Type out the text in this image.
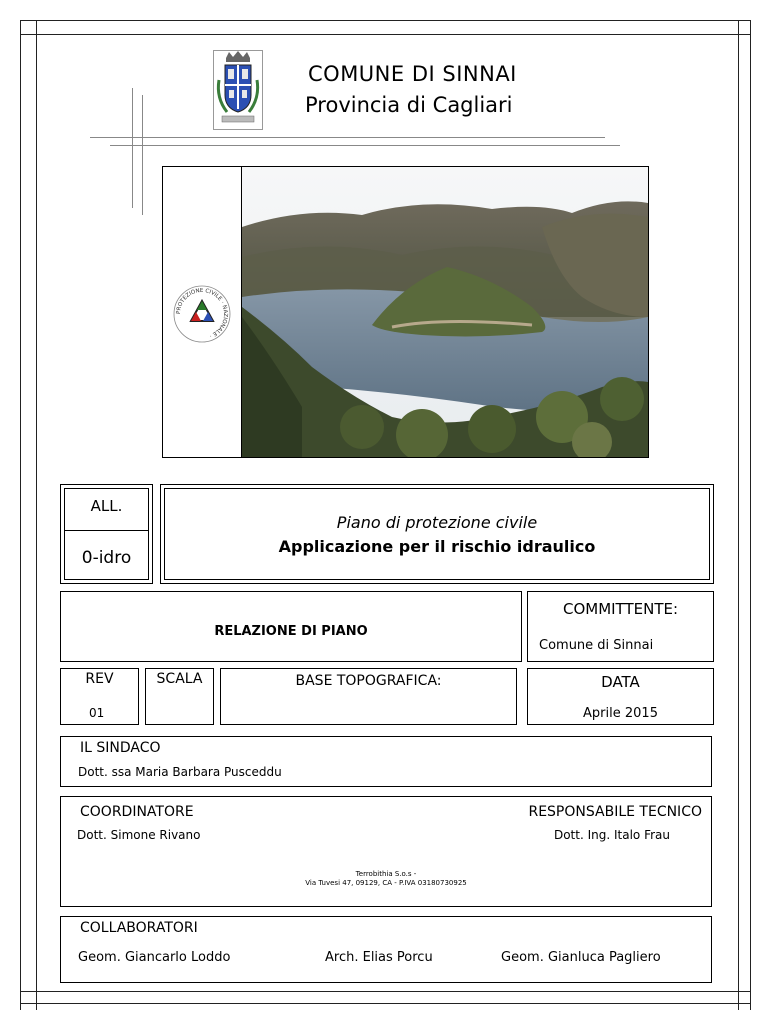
COMUNE DI SINNAI
Provincia di Cagliari
PROTEZIONE CIVILE · NAZIONALE ·
ALL.
0-idro
Piano di protezione civile
Applicazione per il rischio idraulico
RELAZIONE DI PIANO
COMMITTENTE:
Comune di Sinnai
REV
01
SCALA	BASE TOPOGRAFICA:	DATA
Aprile 2015
IL SINDACO
Dott. ssa Maria Barbara Pusceddu
COORDINATORE
Dott. Simone Rivano
RESPONSABILE TECNICO
Dott. Ing. Italo Frau
Terrobithia S.o.s -
Via Tuvesi 47, 09129, CA - P.IVA 03180730925
COLLABORATORI
Geom. Giancarlo Loddo	Arch. Elias Porcu	Geom. Gianluca Pagliero
